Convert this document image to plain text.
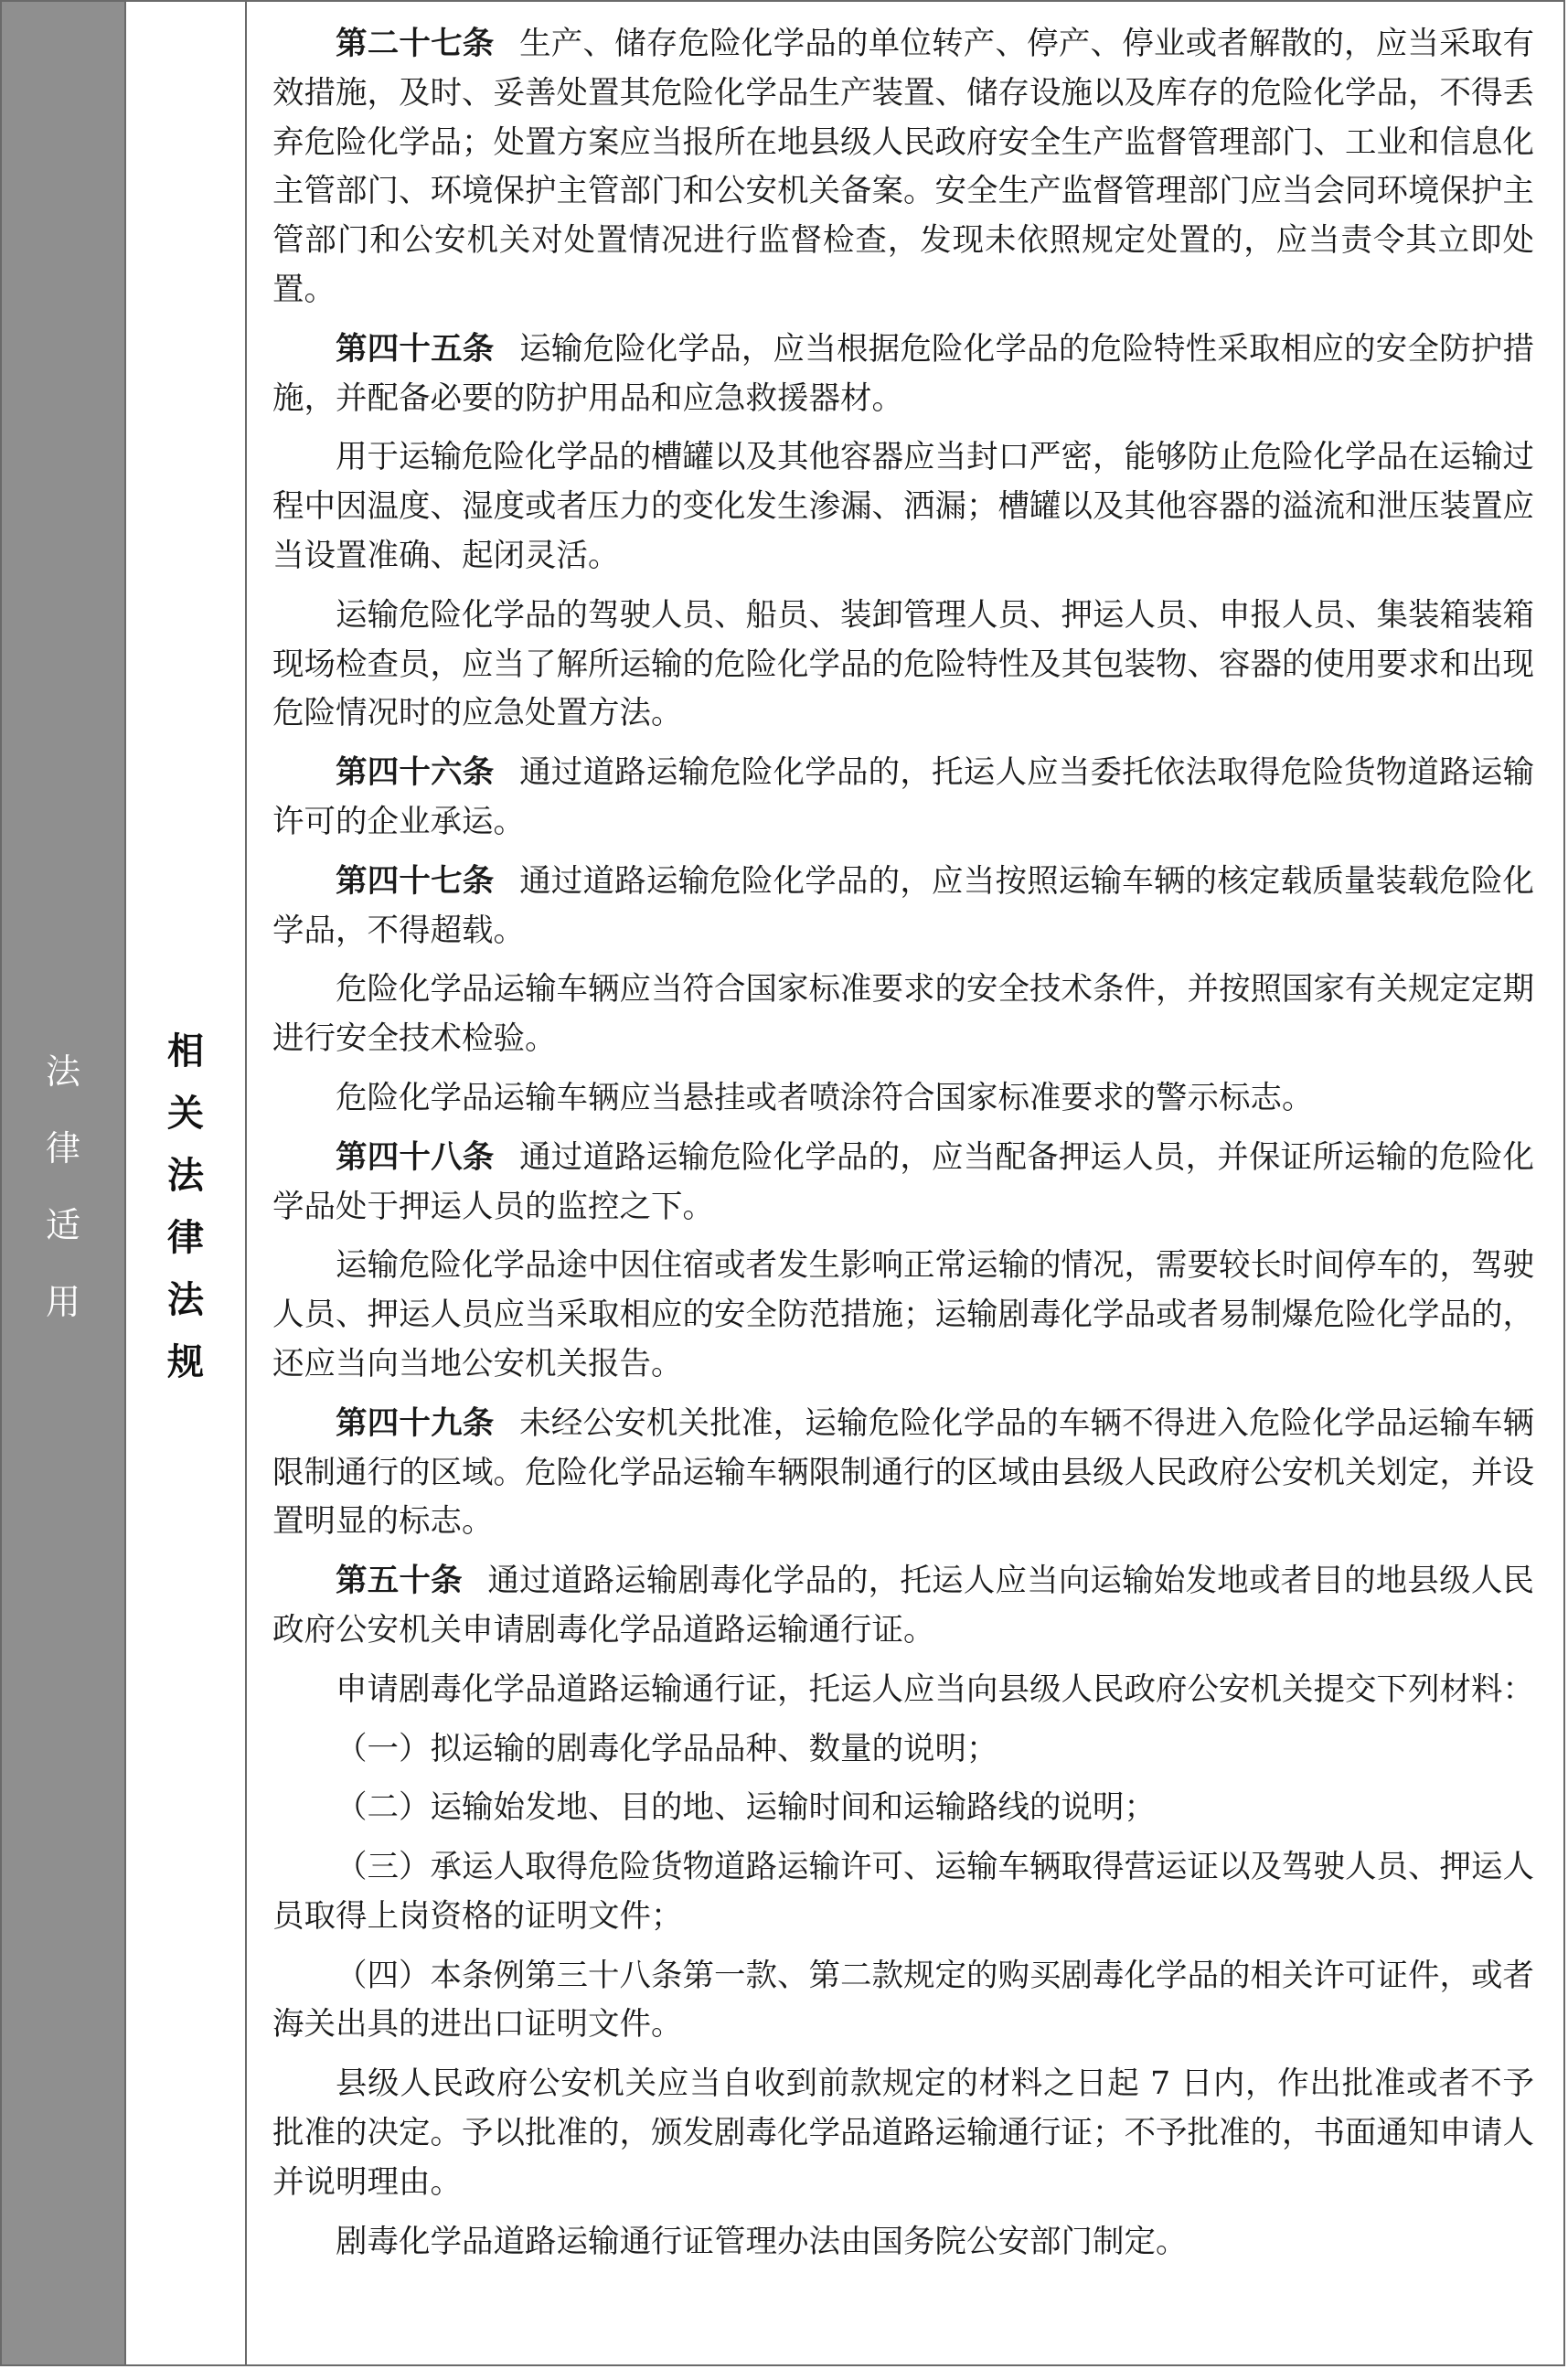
法
律
适
用
相
关
法
律
法
规

第二十七条 生产、储存危险化学品的单位转产、停产、停业或者解散的，应当采取有效措施，及时、妥善处置其危险化学品生产装置、储存设施以及库存的危险化学品，不得丢弃危险化学品；处置方案应当报所在地县级人民政府安全生产监督管理部门、工业和信息化主管部门、环境保护主管部门和公安机关备案。安全生产监督管理部门应当会同环境保护主管部门和公安机关对处置情况进行监督检查，发现未依照规定处置的，应当责令其立即处置。

第四十五条 运输危险化学品，应当根据危险化学品的危险特性采取相应的安全防护措施，并配备必要的防护用品和应急救援器材。

用于运输危险化学品的槽罐以及其他容器应当封口严密，能够防止危险化学品在运输过程中因温度、湿度或者压力的变化发生渗漏、洒漏；槽罐以及其他容器的溢流和泄压装置应当设置准确、起闭灵活。

运输危险化学品的驾驶人员、船员、装卸管理人员、押运人员、申报人员、集装箱装箱现场检查员，应当了解所运输的危险化学品的危险特性及其包装物、容器的使用要求和出现危险情况时的应急处置方法。

第四十六条 通过道路运输危险化学品的，托运人应当委托依法取得危险货物道路运输许可的企业承运。

第四十七条 通过道路运输危险化学品的，应当按照运输车辆的核定载质量装载危险化学品，不得超载。

危险化学品运输车辆应当符合国家标准要求的安全技术条件，并按照国家有关规定定期进行安全技术检验。

危险化学品运输车辆应当悬挂或者喷涂符合国家标准要求的警示标志。

第四十八条 通过道路运输危险化学品的，应当配备押运人员，并保证所运输的危险化学品处于押运人员的监控之下。

运输危险化学品途中因住宿或者发生影响正常运输的情况，需要较长时间停车的，驾驶人员、押运人员应当采取相应的安全防范措施；运输剧毒化学品或者易制爆危险化学品的，还应当向当地公安机关报告。

第四十九条 未经公安机关批准，运输危险化学品的车辆不得进入危险化学品运输车辆限制通行的区域。危险化学品运输车辆限制通行的区域由县级人民政府公安机关划定，并设置明显的标志。

第五十条 通过道路运输剧毒化学品的，托运人应当向运输始发地或者目的地县级人民政府公安机关申请剧毒化学品道路运输通行证。

申请剧毒化学品道路运输通行证，托运人应当向县级人民政府公安机关提交下列材料：

（一）拟运输的剧毒化学品品种、数量的说明；

（二）运输始发地、目的地、运输时间和运输路线的说明；

（三）承运人取得危险货物道路运输许可、运输车辆取得营运证以及驾驶人员、押运人员取得上岗资格的证明文件；

（四）本条例第三十八条第一款、第二款规定的购买剧毒化学品的相关许可证件，或者海关出具的进出口证明文件。

县级人民政府公安机关应当自收到前款规定的材料之日起 7 日内，作出批准或者不予批准的决定。予以批准的，颁发剧毒化学品道路运输通行证；不予批准的，书面通知申请人并说明理由。

剧毒化学品道路运输通行证管理办法由国务院公安部门制定。
